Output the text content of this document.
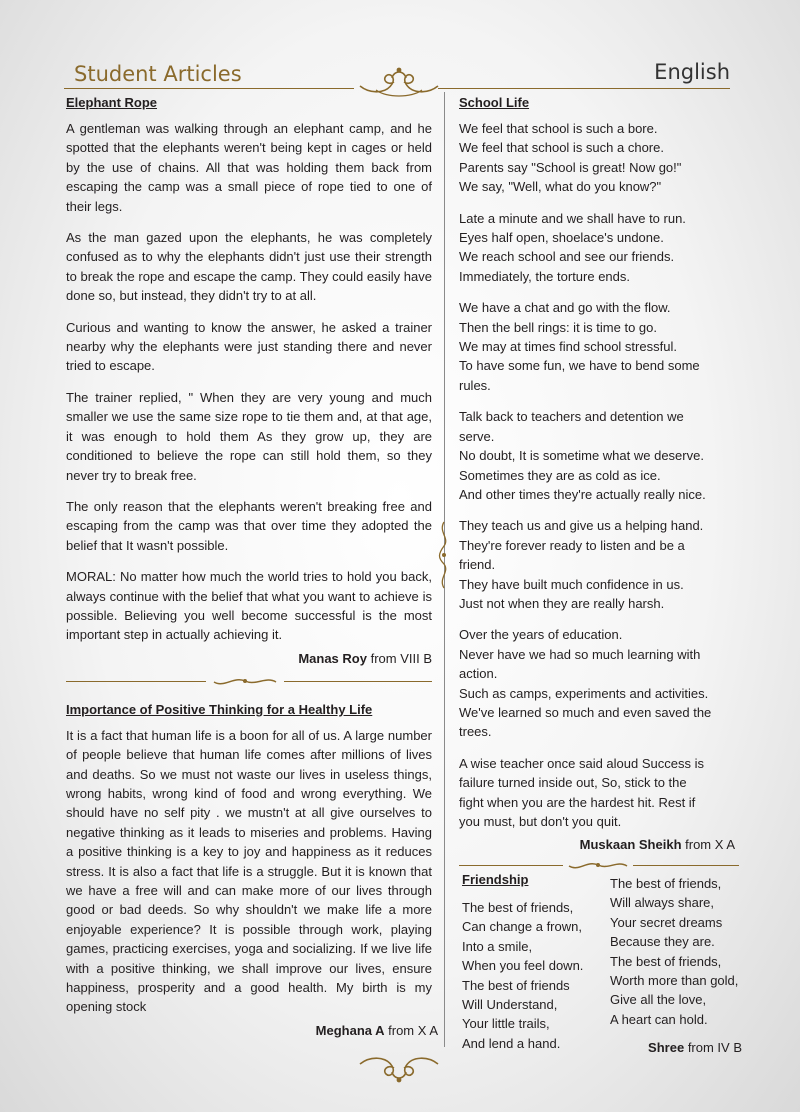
Student Articles	English
Elephant Rope

A gentleman was walking through an elephant camp, and he spotted that the elephants weren't being kept in cages or held by the use of chains. All that was holding them back from escaping the camp was a small piece of rope tied to one of their legs.

As the man gazed upon the elephants, he was completely confused as to why the elephants didn't just use their strength to break the rope and escape the camp. They could easily have done so, but instead, they didn't try to at all.

Curious and wanting to know the answer, he asked a trainer nearby why the elephants were just standing there and never tried to escape.

The trainer replied, " When they are very young and much smaller we use the same size rope to tie them and, at that age, it was enough to hold them As they grow up, they are conditioned to believe the rope can still hold them, so they never try to break free.

The only reason that the elephants weren't breaking free and escaping from the camp was that over time they adopted the belief that It wasn't possible.

MORAL: No matter how much the world tries to hold you back, always continue with the belief that what you want to achieve is possible. Believing you well become successful is the most important step in actually achieving it.

Manas Roy from VIII B
Importance of Positive Thinking for a Healthy Life

It is a fact that human life is a boon for all of us. A large number of people believe that human life comes after millions of lives and deaths. So we must not waste our lives in useless things, wrong habits, wrong kind of food and wrong everything. We should have no self pity . we mustn't at all give ourselves to negative thinking as it leads to miseries and problems. Having a positive thinking is a key to joy and happiness as it reduces stress. It is also a fact that life is a struggle. But it is known that we have a free will and can make more of our lives through good or bad deeds. So why shouldn't we make life a more enjoyable experience? It is possible through work, playing games, practicing exercises, yoga and socializing. If we live life with a positive thinking, we shall improve our lives, ensure happiness, prosperity and a good health. My birth is my opening stock

Meghana A from X A
School Life
We feel that school is such a bore.
We feel that school is such a chore.
Parents say "School is great! Now go!"
We say, "Well, what do you know?"
Late a minute and we shall have to run.
Eyes half open, shoelace's undone.
We reach school and see our friends.
Immediately, the torture ends.
We have a chat and go with the flow.
Then the bell rings: it is time to go.
We may at times find school stressful.
To have some fun, we have to bend some
rules.
Talk back to teachers and detention we
serve.
No doubt, It is sometime what we deserve.
Sometimes they are as cold as ice.
And other times they're actually really nice.
They teach us and give us a helping hand.
They're forever ready to listen and be a
friend.
They have built much confidence in us.
Just not when they are really harsh.
Over the years of education.
Never have we had so much learning with
action.
Such as camps, experiments and activities.
We've learned so much and even saved the
trees.
A wise teacher once said aloud Success is
failure turned inside out, So, stick to the
fight when you are the hardest hit. Rest if
you must, but don't you quit.
Muskaan Sheikh from X A
Friendship
The best of friends,
Can change a frown,
Into a smile,
When you feel down.
The best of friends
Will Understand,
Your little trails,
And lend a hand.
The best of friends,
Will always share,
Your secret dreams
Because they are.
The best of friends,
Worth more than gold,
Give all the love,
A heart can hold.
Shree from IV B
